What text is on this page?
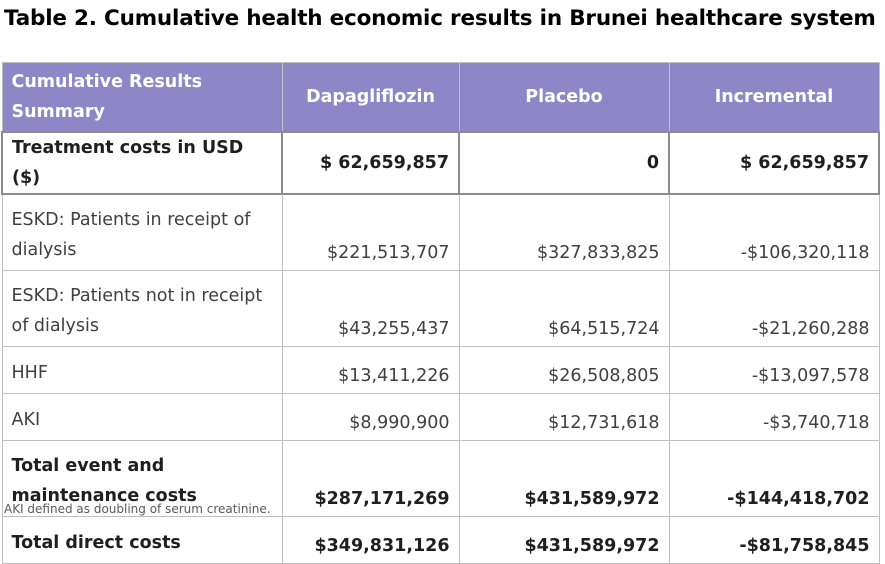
Table 2. Cumulative health economic results in Brunei healthcare system
Cumulative Results Summary	Dapagliflozin	Placebo	Incremental
Treatment costs in USD ($)	$ 62,659,857	0	$ 62,659,857
ESKD: Patients in receipt of dialysis	$221,513,707	$327,833,825	-$106,320,118
ESKD: Patients not in receipt of dialysis	$43,255,437	$64,515,724	-$21,260,288
HHF	$13,411,226	$26,508,805	-$13,097,578
AKI	$8,990,900	$12,731,618	-$3,740,718
Total event and maintenance costs	$287,171,269	$431,589,972	-$144,418,702
Total direct costs	$349,831,126	$431,589,972	-$81,758,845
AKI defined as doubling of serum creatinine.
